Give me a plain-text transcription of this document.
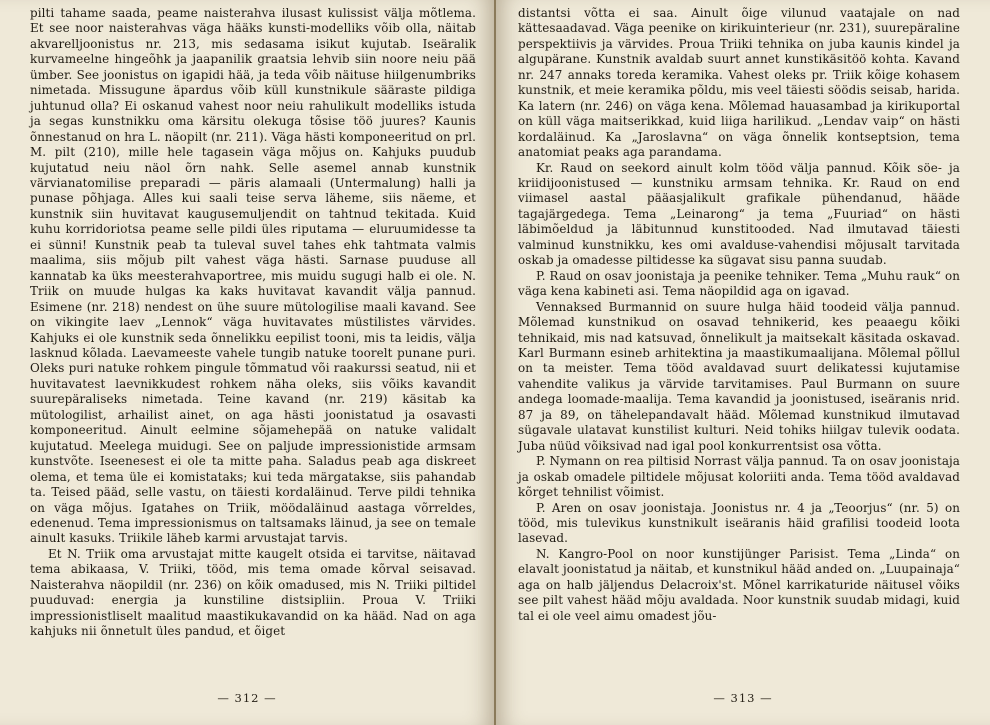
pilti tahame saada, peame naisterahva ilusast kulissist välja mõtlema. Et see noor naisterahvas väga hääks kunsti-modelliks võib olla, näitab akvarelljoonistus nr. 213, mis sedasama isikut kujutab. Iseäralik kurvameelne hingeõhk ja jaapanilik graatsia lehvib siin noore neiu pää ümber. See joonistus on igapidi hää, ja teda võib näituse hiilgenumbriks nimetada. Missugune äpardus võib küll kunstnikule sääraste pildiga juhtunud olla? Ei oskanud vahest noor neiu rahulikult modelliks istuda ja segas kunstnikku oma kärsitu olekuga tõsise töö juures? Kaunis õnnestanud on hra L. näopilt (nr. 211). Väga hästi komponeeritud on prl. M. pilt (210), mille hele tagasein väga mõjus on. Kahjuks puudub kujutatud neiu näol õrn nahk. Selle asemel annab kunstnik värvianatomilise preparadi — päris alamaali (Untermalung) halli ja punase põhjaga. Alles kui saali teise serva läheme, siis näeme, et kunstnik siin huvitavat kaugusemuljendit on tahtnud tekitada. Kuid kuhu korridoriotsa peame selle pildi üles riputama — eluruumidesse ta ei sünni! Kunstnik peab ta tuleval suvel tahes ehk tahtmata valmis maalima, siis mõjub pilt vahest väga hästi. Sarnase puuduse all kannatab ka üks meesterahvaportree, mis muidu sugugi halb ei ole. N. Triik on muude hulgas ka kaks huvitavat kavandit välja pannud. Esimene (nr. 218) nendest on ühe suure mütologilise maali kavand. See on vikingite laev „Lennok“ väga huvitavates müstilistes värvides. Kahjuks ei ole kunstnik seda õnnelikku eepilist tooni, mis ta leidis, välja lasknud kõlada. Laevameeste vahele tungib natuke toorelt punane puri. Oleks puri natuke rohkem pingule tõmmatud või raakurssi seatud, nii et huvitavatest laevnikkudest rohkem näha oleks, siis võiks kavandit suurepäraliseks nimetada. Teine kavand (nr. 219) käsitab ka mütologilist, arhailist ainet, on aga hästi joonistatud ja osavasti komponeeritud. Ainult eelmine sõjamehepää on natuke validalt kujutatud. Meelega muidugi. See on paljude impressionistide armsam kunstvõte. Iseenesest ei ole ta mitte paha. Saladus peab aga diskreet olema, et tema üle ei komistataks; kui teda märgatakse, siis pahandab ta. Teised pääd, selle vastu, on täiesti kordaläinud. Terve pildi tehnika on väga mõjus. Igatahes on Triik, möödaläinud aastaga võrreldes, edenenud. Tema impressionismus on taltsamaks läinud, ja see on temale ainult kasuks. Triikile läheb karmi arvustajat tarvis.

Et N. Triik oma arvustajat mitte kaugelt otsida ei tarvitse, näitavad tema abikaasa, V. Triiki, tööd, mis tema omade kõrval seisavad. Naisterahva näopildil (nr. 236) on kõik omadused, mis N. Triiki piltidel puuduvad: energia ja kunstiline distsipliin. Proua V. Triiki impressionistliselt maalitud maastikukavandid on ka hääd. Nad on aga kahjuks nii õnnetult üles pandud, et õiget

— 312 —

distantsi võtta ei saa. Ainult õige vilunud vaatajale on nad kättesaadavad. Väga peenike on kirikuinterieur (nr. 231), suurepäraline perspektiivis ja värvides. Proua Triiki tehnika on juba kaunis kindel ja algupärane. Kunstnik avaldab suurt annet kunstikäsitöö kohta. Kavand nr. 247 annaks toreda keramika. Vahest oleks pr. Triik kõige kohasem kunstnik, et meie keramika põldu, mis veel täiesti söödis seisab, harida. Ka latern (nr. 246) on väga kena. Mõlemad hauasambad ja kirikuportal on küll väga maitserikkad, kuid liiga harilikud. „Lendav vaip“ on hästi kordaläinud. Ka „Jaroslavna“ on väga õnnelik kontseptsion, tema anatomiat peaks aga parandama.

Kr. Raud on seekord ainult kolm tööd välja pannud. Kõik söe- ja kriidijoonistused — kunstniku armsam tehnika. Kr. Raud on end viimasel aastal pääasjalikult grafikale pühendanud, hääde tagajärgedega. Tema „Leinarong“ ja tema „Fuuriad“ on hästi läbimõeldud ja läbitunnud kunstitooded. Nad ilmutavad täiesti valminud kunstnikku, kes omi avalduse-vahendisi mõjusalt tarvitada oskab ja omadesse piltidesse ka sügavat sisu panna suudab.

P. Raud on osav joonistaja ja peenike tehniker. Tema „Muhu rauk“ on väga kena kabineti asi. Tema näopildid aga on igavad.

Vennaksed Burmannid on suure hulga häid toodeid välja pannud. Mõlemad kunstnikud on osavad tehnikerid, kes peaaegu kõiki tehnikaid, mis nad katsuvad, õnnelikult ja maitsekalt käsitada oskavad. Karl Burmann esineb arhitektina ja maastikumaalijana. Mõlemal põllul on ta meister. Tema tööd avaldavad suurt delikatessi kujutamise vahendite valikus ja värvide tarvitamises. Paul Burmann on suure andega loomade-maalija. Tema kavandid ja joonistused, iseäranis nrid. 87 ja 89, on tähelepandavalt hääd. Mõlemad kunstnikud ilmutavad sügavale ulatavat kunstilist kulturi. Neid tohiks hiilgav tulevik oodata. Juba nüüd võiksivad nad igal pool konkurrentsist osa võtta.

P. Nymann on rea piltisid Norrast välja pannud. Ta on osav joonistaja ja oskab omadele piltidele mõjusat koloriiti anda. Tema tööd avaldavad kõrget tehnilist võimist.

P. Aren on osav joonistaja. Joonistus nr. 4 ja „Teoorjus“ (nr. 5) on tööd, mis tulevikus kunstnikult iseäranis häid grafilisi toodeid loota lasevad.

N. Kangro-Pool on noor kunstijünger Parisist. Tema „Linda“ on elavalt joonistatud ja näitab, et kunstnikul hääd anded on. „Luupainaja“ aga on halb jäljendus Delacroix'st. Mõnel karrikaturide näitusel võiks see pilt vahest hääd mõju avaldada. Noor kunstnik suudab midagi, kuid tal ei ole veel aimu omadest jõu-

— 313 —
